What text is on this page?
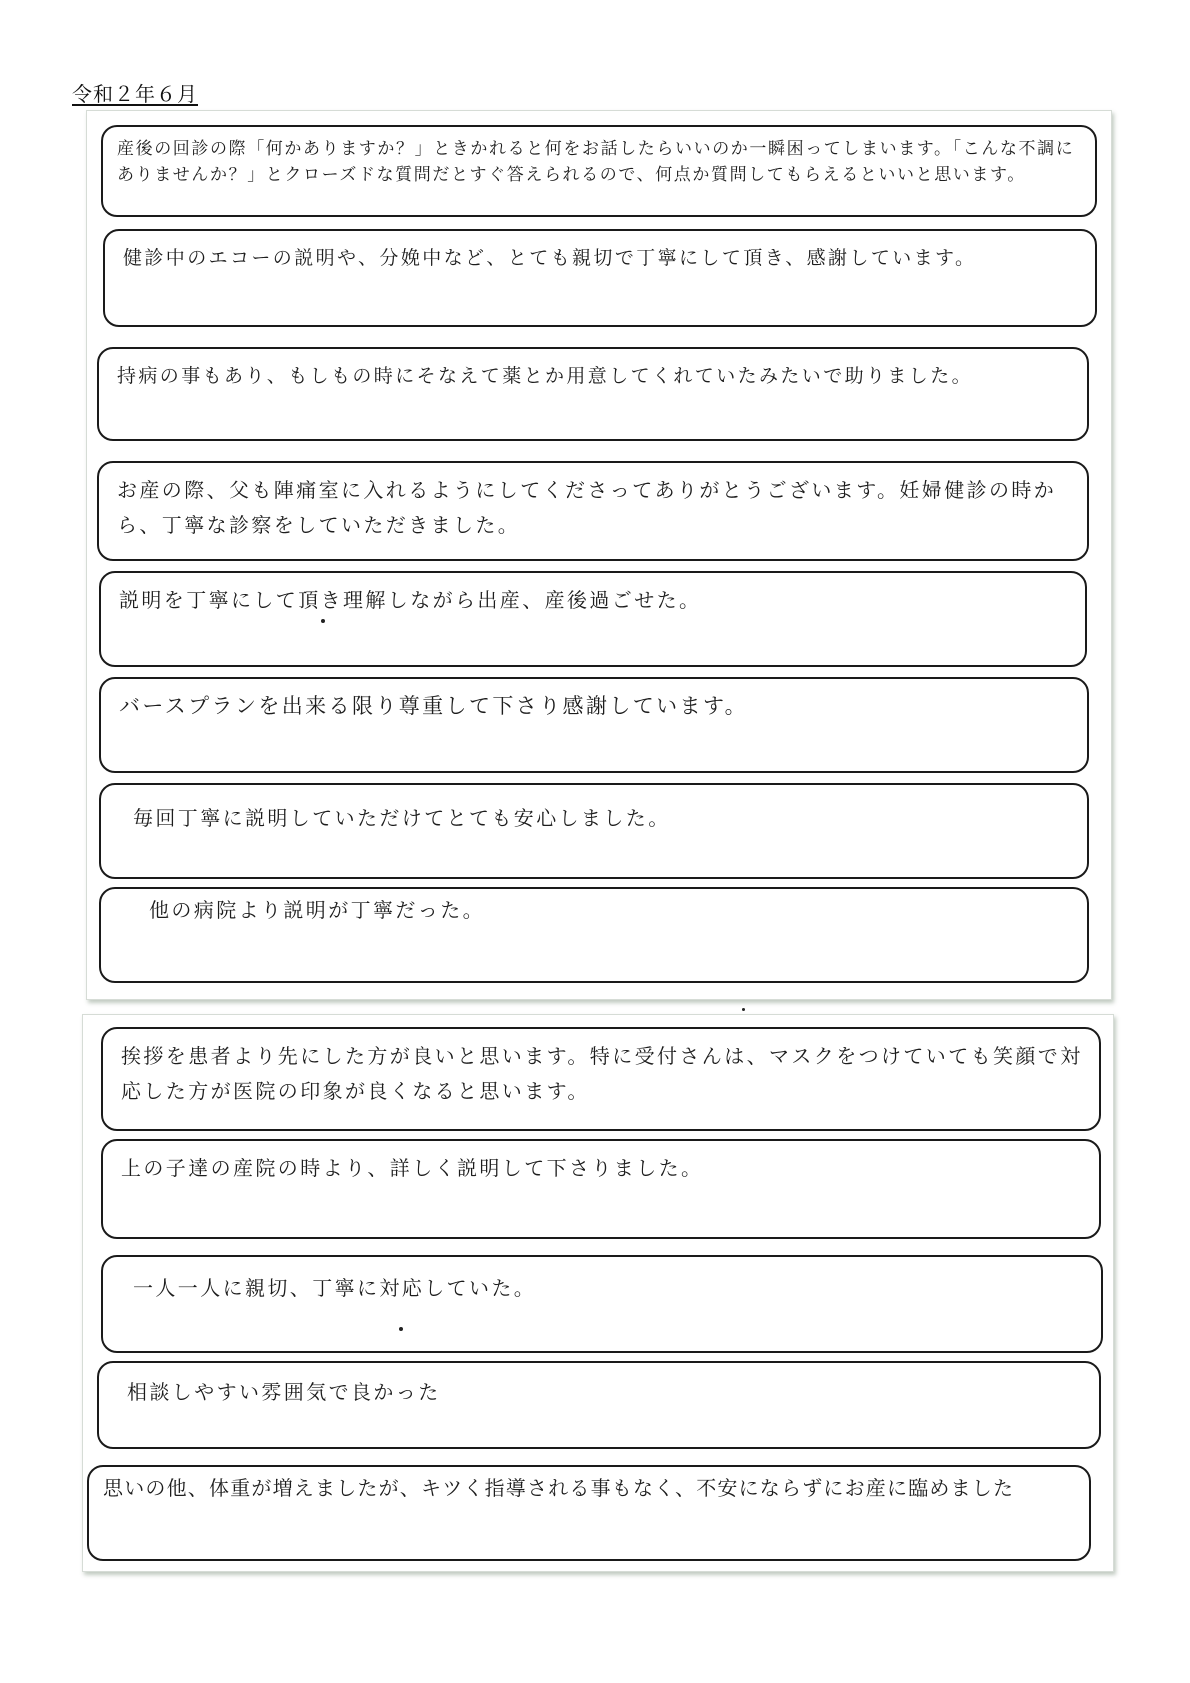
令和２年６月
産後の回診の際「何かありますか？」ときかれると何をお話したらいいのか一瞬困ってしまいます。「こんな不調にありませんか？」とクローズドな質問だとすぐ答えられるので、何点か質問してもらえるといいと思います。
健診中のエコーの説明や、分娩中など、とても親切で丁寧にして頂き、感謝しています。
持病の事もあり、もしもの時にそなえて薬とか用意してくれていたみたいで助りました。
お産の際、父も陣痛室に入れるようにしてくださってありがとうございます。妊婦健診の時から、丁寧な診察をしていただきました。
説明を丁寧にして頂き理解しながら出産、産後過ごせた。
バースプランを出来る限り尊重して下さり感謝しています。
毎回丁寧に説明していただけてとても安心しました。
他の病院より説明が丁寧だった。
挨拶を患者より先にした方が良いと思います。特に受付さんは、マスクをつけていても笑顔で対応した方が医院の印象が良くなると思います。
上の子達の産院の時より、詳しく説明して下さりました。
一人一人に親切、丁寧に対応していた。
相談しやすい雰囲気で良かった
思いの他、体重が増えましたが、キツく指導される事もなく、不安にならずにお産に臨めました
